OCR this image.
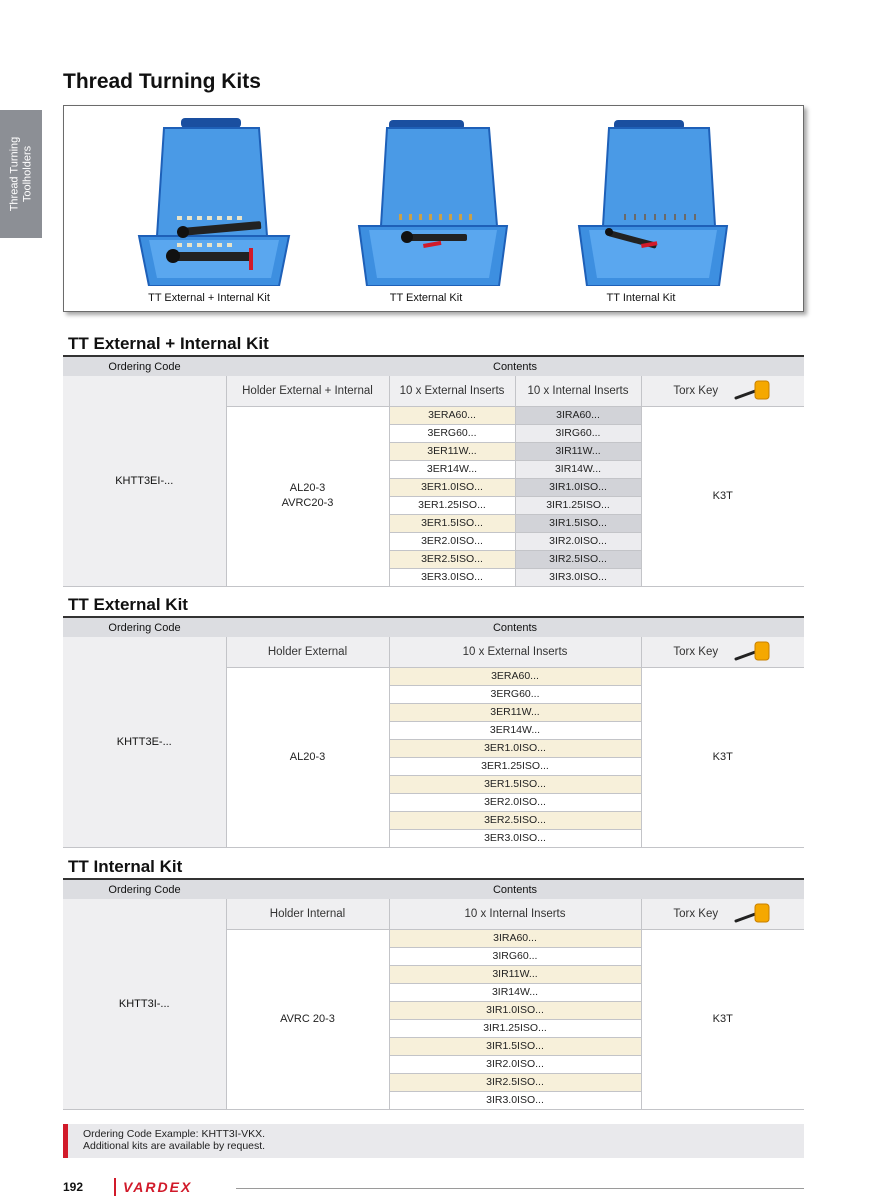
Thread Turning Toolholders
Thread Turning Kits
TT External + Internal Kit	TT External Kit	TT Internal Kit
TT External + Internal Kit
Ordering Code	Contents			
KHTT3EI-...	Holder External + Internal	10 x External Inserts	10 x Internal Inserts	Torx Key

	AL20-3
AVRC20-3	3ERA60...	3IRA60...	K3T
		3ERG60...	3IRG60...	
		3ER11W...	3IR11W...	
		3ER14W...	3IR14W...	
		3ER1.0ISO...	3IR1.0ISO...	
		3ER1.25ISO...	3IR1.25ISO...	
		3ER1.5ISO...	3IR1.5ISO...	
		3ER2.0ISO...	3IR2.0ISO...	
		3ER2.5ISO...	3IR2.5ISO...	
		3ER3.0ISO...	3IR3.0ISO...	
TT External Kit
Ordering Code	Contents		
KHTT3E-...	Holder External	10 x External Inserts	Torx Key

	AL20-3	3ERA60...	K3T
		3ERG60...	
		3ER11W...	
		3ER14W...	
		3ER1.0ISO...	
		3ER1.25ISO...	
		3ER1.5ISO...	
		3ER2.0ISO...	
		3ER2.5ISO...	
		3ER3.0ISO...	
TT Internal Kit
Ordering Code	Contents		
KHTT3I-...	Holder Internal	10 x Internal Inserts	Torx Key

	AVRC 20-3	3IRA60...	K3T
		3IRG60...	
		3IR11W...	
		3IR14W...	
		3IR1.0ISO...	
		3IR1.25ISO...	
		3IR1.5ISO...	
		3IR2.0ISO...	
		3IR2.5ISO...	
		3IR3.0ISO...	
Ordering Code Example: KHTT3I-VKX.
Additional kits are available by request.
192	VARDEX
